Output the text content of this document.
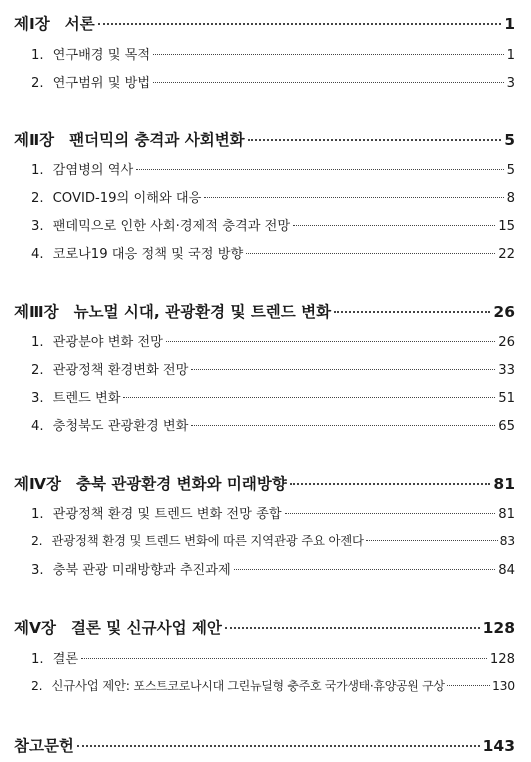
제Ⅰ장 서론	1
1. 연구배경 및 목적	1
2. 연구범위 및 방법	3
제Ⅱ장 팬더믹의 충격과 사회변화	5
1. 감염병의 역사	5
2. COVID-19의 이해와 대응	8
3. 팬데믹으로 인한 사회·경제적 충격과 전망	15
4. 코로나19 대응 정책 및 국정 방향	22
제Ⅲ장 뉴노멀 시대, 관광환경 및 트렌드 변화	26
1. 관광분야 변화 전망	26
2. 관광정책 환경변화 전망	33
3. 트렌드 변화	51
4. 충청북도 관광환경 변화	65
제Ⅳ장 충북 관광환경 변화와 미래방향	81
1. 관광정책 환경 및 트렌드 변화 전망 종합	81
2. 관광정책 환경 및 트렌드 변화에 따른 지역관광 주요 아젠다	83
3. 충북 관광 미래방향과 추진과제	84
제Ⅴ장 결론 및 신규사업 제안	128
1. 결론	128
2. 신규사업 제안: 포스트코로나시대 그린뉴딜형 충주호 국가생태·휴양공원 구상	130
참고문헌	143
